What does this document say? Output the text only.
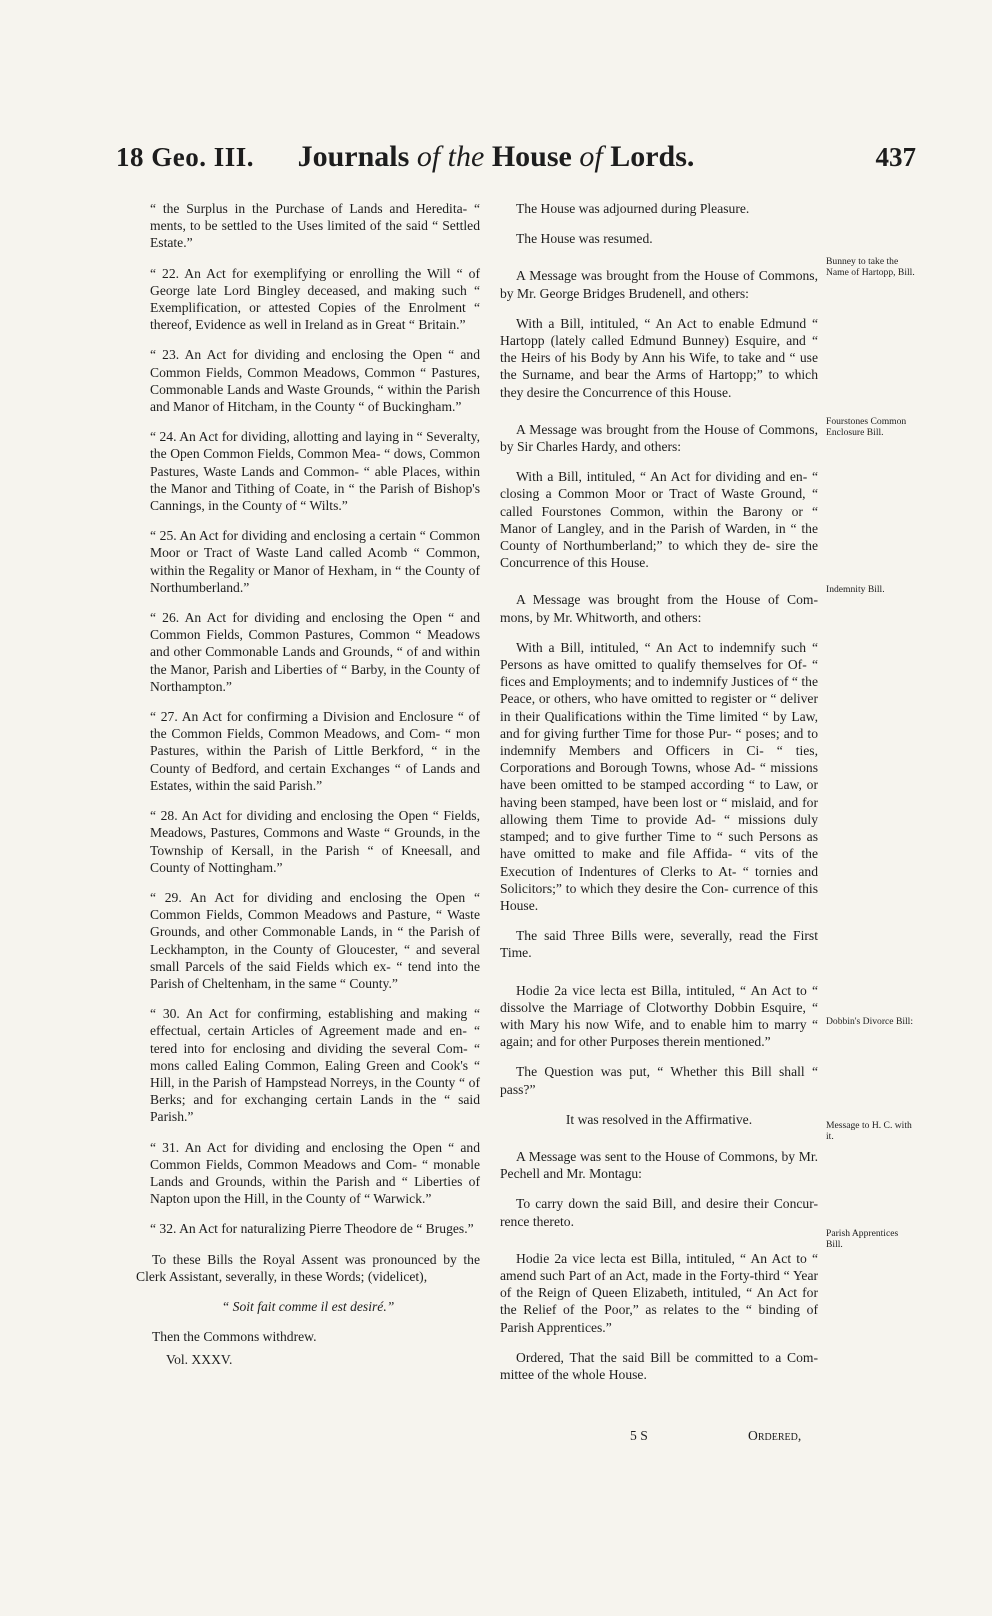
18 Geo. III.	Journals of the House of Lords.	437

“ the Surplus in the Purchase of Lands and Heredita- “ ments, to be settled to the Uses limited of the said “ Settled Estate.”

“ 22. An Act for exemplifying or enrolling the Will “ of George late Lord Bingley deceased, and making such “ Exemplification, or attested Copies of the Enrolment “ thereof, Evidence as well in Ireland as in Great “ Britain.”

“ 23. An Act for dividing and enclosing the Open “ and Common Fields, Common Meadows, Common “ Pastures, Commonable Lands and Waste Grounds, “ within the Parish and Manor of Hitcham, in the County “ of Buckingham.”

“ 24. An Act for dividing, allotting and laying in “ Severalty, the Open Common Fields, Common Mea- “ dows, Common Pastures, Waste Lands and Common- “ able Places, within the Manor and Tithing of Coate, in “ the Parish of Bishop's Cannings, in the County of “ Wilts.”

“ 25. An Act for dividing and enclosing a certain “ Common Moor or Tract of Waste Land called Acomb “ Common, within the Regality or Manor of Hexham, in “ the County of Northumberland.”

“ 26. An Act for dividing and enclosing the Open “ and Common Fields, Common Pastures, Common “ Meadows and other Commonable Lands and Grounds, “ of and within the Manor, Parish and Liberties of “ Barby, in the County of Northampton.”

“ 27. An Act for confirming a Division and Enclosure “ of the Common Fields, Common Meadows, and Com- “ mon Pastures, within the Parish of Little Berkford, “ in the County of Bedford, and certain Exchanges “ of Lands and Estates, within the said Parish.”

“ 28. An Act for dividing and enclosing the Open “ Fields, Meadows, Pastures, Commons and Waste “ Grounds, in the Township of Kersall, in the Parish “ of Kneesall, and County of Nottingham.”

“ 29. An Act for dividing and enclosing the Open “ Common Fields, Common Meadows and Pasture, “ Waste Grounds, and other Commonable Lands, in “ the Parish of Leckhampton, in the County of Gloucester, “ and several small Parcels of the said Fields which ex- “ tend into the Parish of Cheltenham, in the same “ County.”

“ 30. An Act for confirming, establishing and making “ effectual, certain Articles of Agreement made and en- “ tered into for enclosing and dividing the several Com- “ mons called Ealing Common, Ealing Green and Cook's “ Hill, in the Parish of Hampstead Norreys, in the County “ of Berks; and for exchanging certain Lands in the “ said Parish.”

“ 31. An Act for dividing and enclosing the Open “ and Common Fields, Common Meadows and Com- “ monable Lands and Grounds, within the Parish and “ Liberties of Napton upon the Hill, in the County of “ Warwick.”

“ 32. An Act for naturalizing Pierre Theodore de “ Bruges.”

To these Bills the Royal Assent was pronounced by the Clerk Assistant, severally, in these Words; (videlicet),

“ Soit fait comme il est desiré.”

Then the Commons withdrew.

Vol. XXXV.

The House was adjourned during Pleasure.

The House was resumed.

A Message was brought from the House of Commons, by Mr. George Bridges Brudenell, and others:

With a Bill, intituled, “ An Act to enable Edmund “ Hartopp (lately called Edmund Bunney) Esquire, and “ the Heirs of his Body by Ann his Wife, to take and “ use the Surname, and bear the Arms of Hartopp;” to which they desire the Concurrence of this House.

A Message was brought from the House of Commons, by Sir Charles Hardy, and others:

With a Bill, intituled, “ An Act for dividing and en- “ closing a Common Moor or Tract of Waste Ground, “ called Fourstones Common, within the Barony or “ Manor of Langley, and in the Parish of Warden, in “ the County of Northumberland;” to which they de- sire the Concurrence of this House.

A Message was brought from the House of Com- mons, by Mr. Whitworth, and others:

With a Bill, intituled, “ An Act to indemnify such “ Persons as have omitted to qualify themselves for Of- “ fices and Employments; and to indemnify Justices of “ the Peace, or others, who have omitted to register or “ deliver in their Qualifications within the Time limited “ by Law, and for giving further Time for those Pur- “ poses; and to indemnify Members and Officers in Ci- “ ties, Corporations and Borough Towns, whose Ad- “ missions have been omitted to be stamped according “ to Law, or having been stamped, have been lost or “ mislaid, and for allowing them Time to provide Ad- “ missions duly stamped; and to give further Time to “ such Persons as have omitted to make and file Affida- “ vits of the Execution of Indentures of Clerks to At- “ tornies and Solicitors;” to which they desire the Con- currence of this House.

The said Three Bills were, severally, read the First Time.

Hodie 2a vice lecta est Billa, intituled, “ An Act to “ dissolve the Marriage of Clotworthy Dobbin Esquire, “ with Mary his now Wife, and to enable him to marry “ again; and for other Purposes therein mentioned.”

The Question was put, “ Whether this Bill shall “ pass?”

It was resolved in the Affirmative.

A Message was sent to the House of Commons, by Mr. Pechell and Mr. Montagu:

To carry down the said Bill, and desire their Concur- rence thereto.

Hodie 2a vice lecta est Billa, intituled, “ An Act to “ amend such Part of an Act, made in the Forty-third “ Year of the Reign of Queen Elizabeth, intituled, “ An Act for the Relief of the Poor,” as relates to the “ binding of Parish Apprentices.”

Ordered, That the said Bill be committed to a Com- mittee of the whole House.

Bunney to take the Name of Hartopp, Bill.
Fourstones Common Enclosure Bill.
Indemnity Bill.
Dobbin's Divorce Bill:
Message to H. C. with it.
Parish Apprentices Bill.
5 S	Ordered,
